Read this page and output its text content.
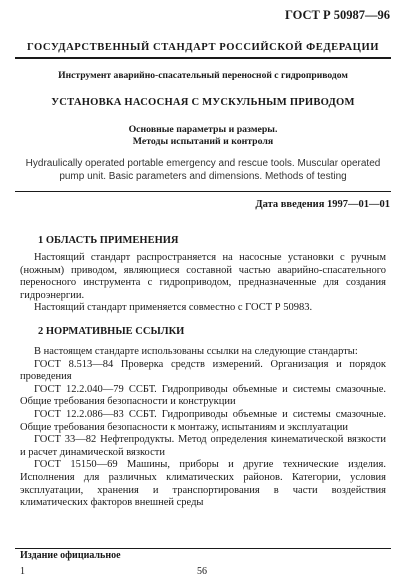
ГОСТ Р 50987—96
ГОСУДАРСТВЕННЫЙ СТАНДАРТ РОССИЙСКОЙ ФЕДЕРАЦИИ
Инструмент аварийно-спасательный переносной с гидроприводом
УСТАНОВКА НАСОСНАЯ С МУСКУЛЬНЫМ ПРИВОДОМ
Основные параметры и размеры.
Методы испытаний и контроля
Hydraulically operated portable emergency and rescue tools. Muscular operated
pump unit. Basic parameters and dimensions. Methods of testing
Дата введения 1997—01—01
1 ОБЛАСТЬ ПРИМЕНЕНИЯ

Настоящий стандарт распространяется на насосные установки с ручным (ножным) приводом, являющиеся составной частью аварийно-спасательного переносного инструмента с гидроприводом, предназначенные для создания гидроэнергии.

Настоящий стандарт применяется совместно с ГОСТ Р 50983.

2 НОРМАТИВНЫЕ ССЫЛКИ

В настоящем стандарте использованы ссылки на следующие стандарты:

ГОСТ 8.513—84 Проверка средств измерений. Организация и порядок проведения

ГОСТ 12.2.040—79 ССБТ. Гидроприводы объемные и системы смазочные. Общие требования безопасности и конструкции

ГОСТ 12.2.086—83 ССБТ. Гидроприводы объемные и системы смазочные. Общие требования безопасности к монтажу, испытаниям и эксплуатации

ГОСТ 33—82 Нефтепродукты. Метод определения кинематической вязкости и расчет динамической вязкости

ГОСТ 15150—69 Машины, приборы и другие технические изделия. Исполнения для различных климатических районов. Категории, условия эксплуатации, хранения и транспортирования в части воздействия климатических факторов внешней среды

Издание официальное
1	56
